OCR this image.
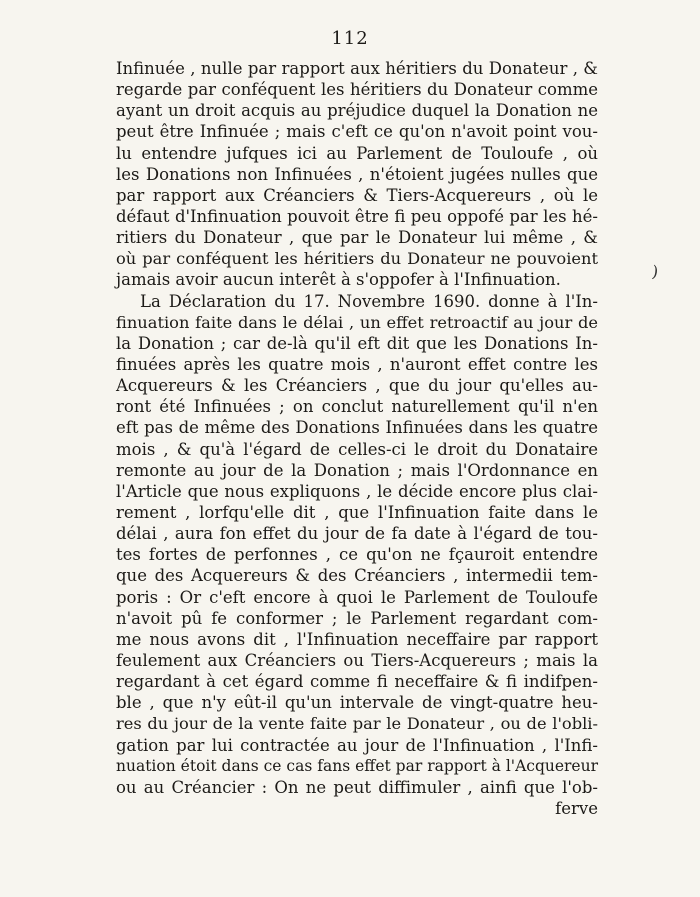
112
Infinuée , nulle par rapport aux héritiers du Donateur , &
regarde par conféquent les héritiers du Donateur comme
ayant un droit acquis au préjudice duquel la Donation ne
peut être Infinuée ; mais c'eft ce qu'on n'avoit point vou-
lu entendre jufques ici au Parlement de Touloufe , où
les Donations non Infinuées , n'étoient jugées nulles que
par rapport aux Créanciers & Tiers-Acquereurs , où le
défaut d'Infinuation pouvoit être fi peu oppofé par les hé-
ritiers du Donateur , que par le Donateur lui même , &
où par conféquent les héritiers du Donateur ne pouvoient
jamais avoir aucun interêt à s'oppofer à l'Infinuation.
La Déclaration du 17. Novembre 1690. donne à l'In-
finuation faite dans le délai , un effet retroactif au jour de
la Donation ; car de-là qu'il eft dit que les Donations In-
finuées après les quatre mois , n'auront effet contre les
Acquereurs & les Créanciers , que du jour qu'elles au-
ront été Infinuées ; on conclut naturellement qu'il n'en
eft pas de même des Donations Infinuées dans les quatre
mois , & qu'à l'égard de celles-ci le droit du Donataire
remonte au jour de la Donation ; mais l'Ordonnance en
l'Article que nous expliquons , le décide encore plus clai-
rement , lorfqu'elle dit , que l'Infinuation faite dans le
délai , aura fon effet du jour de fa date à l'égard de tou-
tes fortes de perfonnes , ce qu'on ne fçauroit entendre
que des Acquereurs & des Créanciers , intermedii tem-
poris : Or c'eft encore à quoi le Parlement de Touloufe
n'avoit pû fe conformer ; le Parlement regardant com-
me nous avons dit , l'Infinuation neceffaire par rapport
feulement aux Créanciers ou Tiers-Acquereurs ; mais la
regardant à cet égard comme fi neceffaire & fi indifpen-
ble , que n'y eût-il qu'un intervale de vingt-quatre heu-
res du jour de la vente faite par le Donateur , ou de l'obli-
gation par lui contractée au jour de l'Infinuation , l'Infi-
nuation étoit dans ce cas fans effet par rapport à l'Acquereur
ou au Créancier : On ne peut diffimuler , ainfi que l'ob-
ferve
)
